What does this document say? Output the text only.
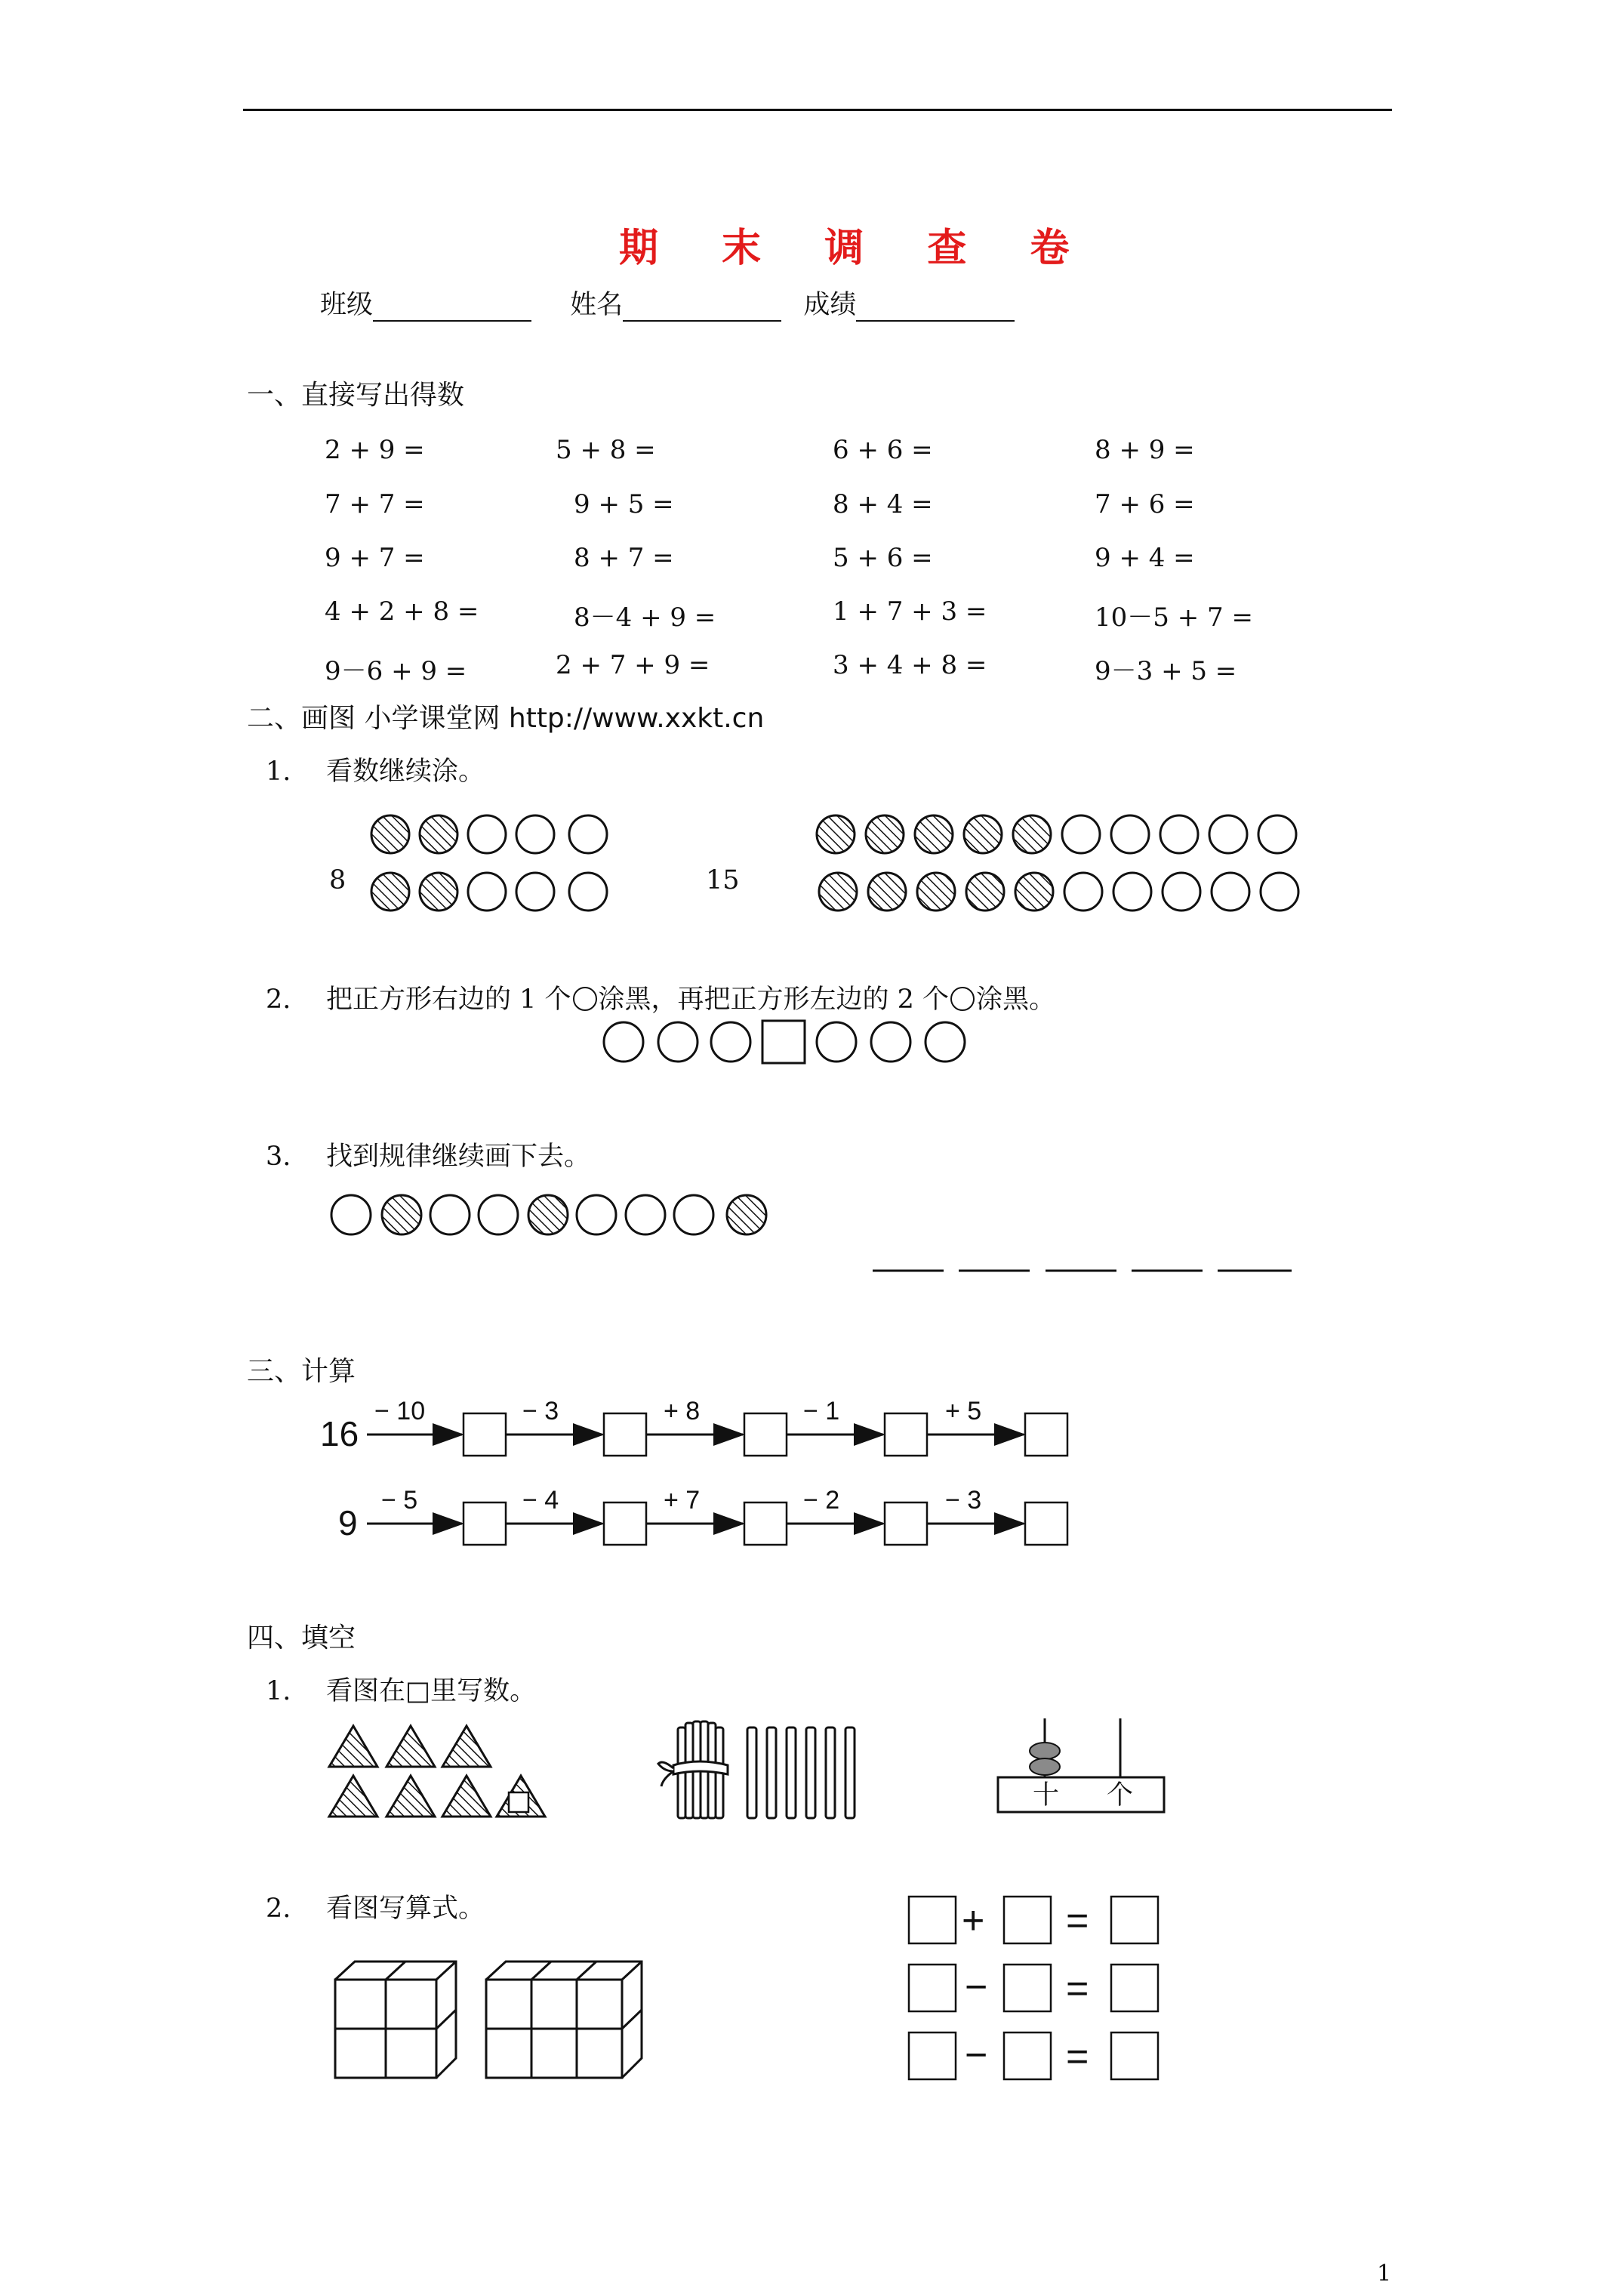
期 末 调 查 卷
班级	姓名	成绩
一、直接写出得数
2 + 9 =	5 + 8 =	6 + 6 =	8 + 9 =
7 + 7 =	9 + 5 =	8 + 4 =	7 + 6 =
9 + 7 =	8 + 7 =	5 + 6 =	9 + 4 =
4 + 2 + 8 =	8－4 + 9 =	1 + 7 + 3 =	10－5 + 7 =
9－6 + 9 =	2 + 7 + 9 =	3 + 4 + 8 =	9－3 + 5 =
二、画图 小学课堂网 http://www.xxkt.cn
1. 看数继续涂。
8	15
2. 把正方形右边的 1 个 涂黑，再把正方形左边的 2 个 涂黑。
3. 找到规律继续画下去。
三、计算
16
9
− 10	− 3	+ 8	− 1	+ 5
− 5	− 4	+ 7	− 2	− 3
四、填空
1. 看图在□里写数。
十 个
2. 看图写算式。	+ =
− =
− =
1
